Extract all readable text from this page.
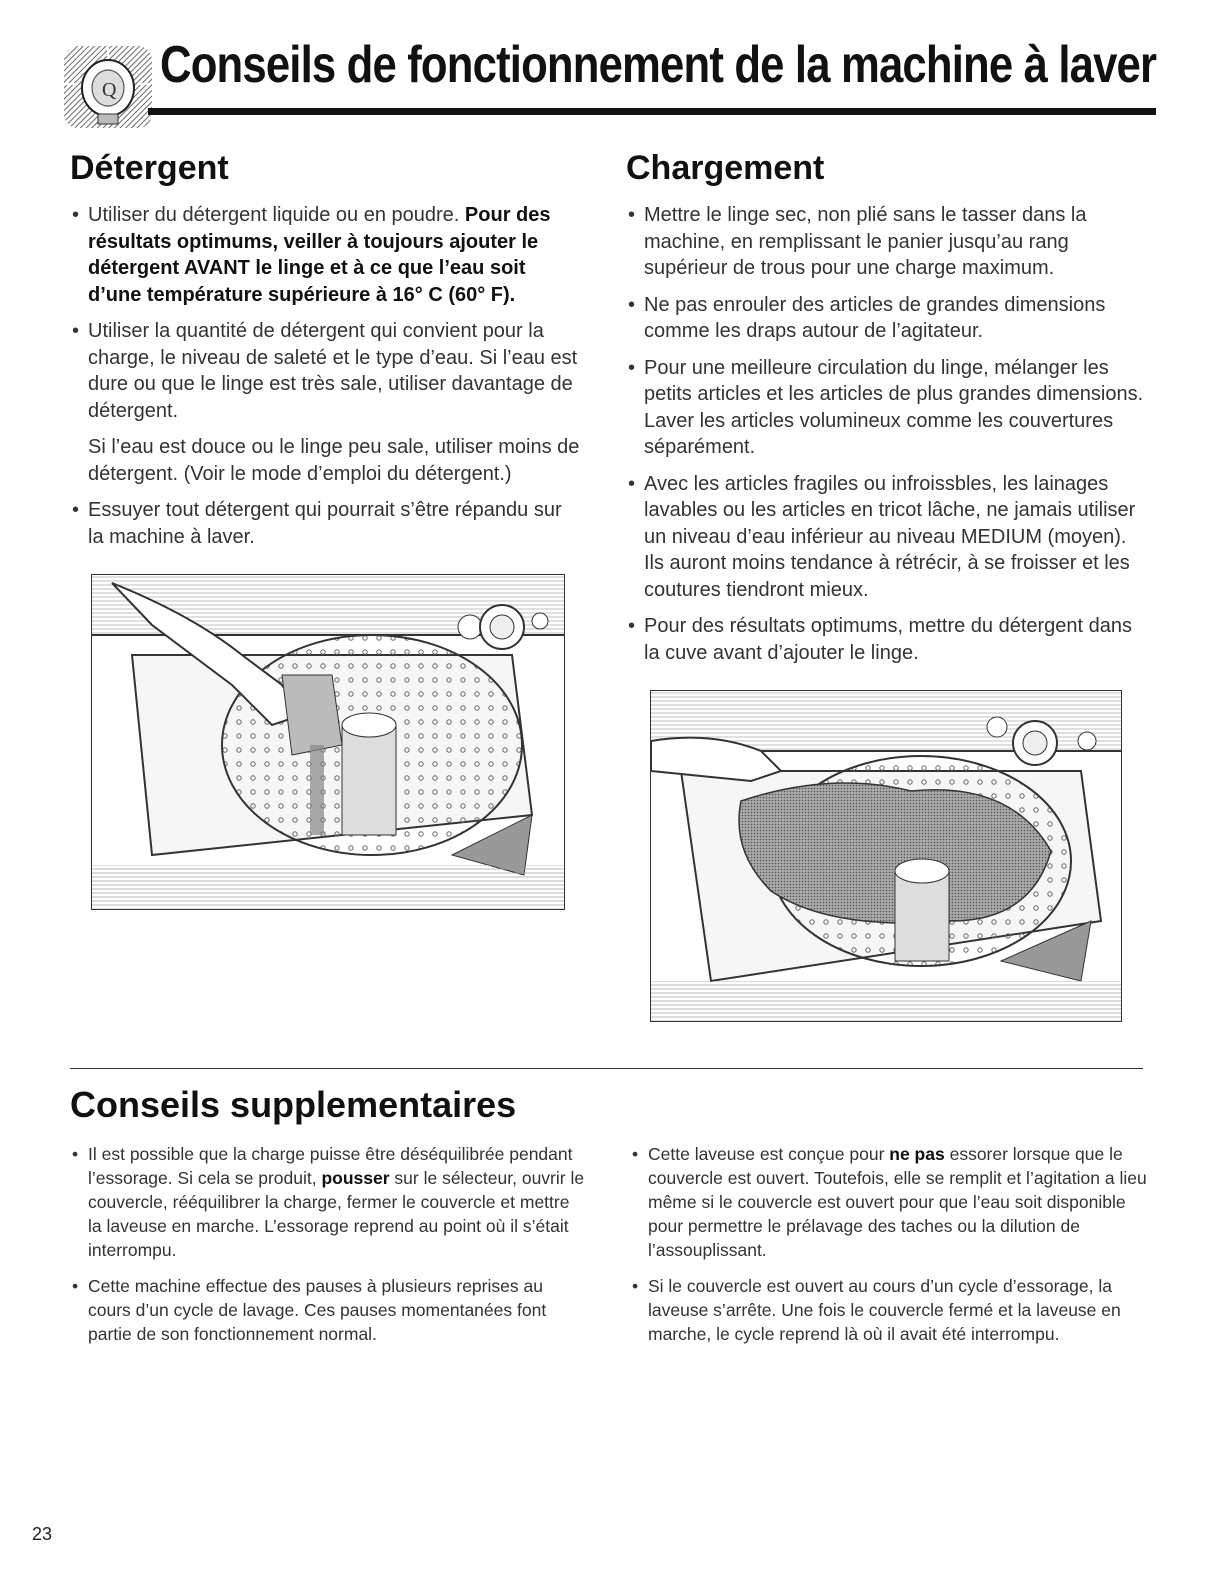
Q Conseils de fonctionnement de la machine à laver
Détergent
• Utiliser du détergent liquide ou en poudre. Pour des résultats optimums, veiller à toujours ajouter le détergent AVANT le linge et à ce que l’eau soit d’une température supérieure à 16° C (60° F).
• Utiliser la quantité de détergent qui convient pour la charge, le niveau de saleté et le type d’eau. Si l’eau est dure ou que le linge est très sale, utiliser davantage de détergent.

Si l’eau est douce ou le linge peu sale, utiliser moins de détergent. (Voir le mode d’emploi du détergent.)

• Essuyer tout détergent qui pourrait s’être répandu sur la machine à laver.
Chargement
• Mettre le linge sec, non plié sans le tasser dans la machine, en remplissant le panier jusqu’au rang supérieur de trous pour une charge maximum.
• Ne pas enrouler des articles de grandes dimensions comme les draps autour de l’agitateur.
• Pour une meilleure circulation du linge, mélanger les petits articles et les articles de plus grandes dimensions. Laver les articles volumineux comme les couvertures séparément.
• Avec les articles fragiles ou infroissbles, les lainages lavables ou les articles en tricot lâche, ne jamais utiliser un niveau d’eau inférieur au niveau MEDIUM (moyen). Ils auront moins tendance à rétrécir, à se froisser et les coutures tiendront mieux.
• Pour des résultats optimums, mettre du détergent dans la cuve avant d’ajouter le linge.
Conseils supplementaires
• Il est possible que la charge puisse être déséquilibrée pendant l’essorage. Si cela se produit, pousser sur le sélecteur, ouvrir le couvercle, rééquilibrer la charge, fermer le couvercle et mettre la laveuse en marche. L’essorage reprend au point où il s’était interrompu.
• Cette machine effectue des pauses à plusieurs reprises au cours d’un cycle de lavage. Ces pauses momentanées font partie de son fonctionnement normal.
• Cette laveuse est conçue pour ne pas essorer lorsque que le couvercle est ouvert. Toutefois, elle se remplit et l’agitation a lieu même si le couvercle est ouvert pour que l’eau soit disponible pour permettre le prélavage des taches ou la dilution de l’assouplissant.
• Si le couvercle est ouvert au cours d’un cycle d’essorage, la laveuse s’arrête. Une fois le couvercle fermé et la laveuse en marche, le cycle reprend là où il avait été interrompu.
23
